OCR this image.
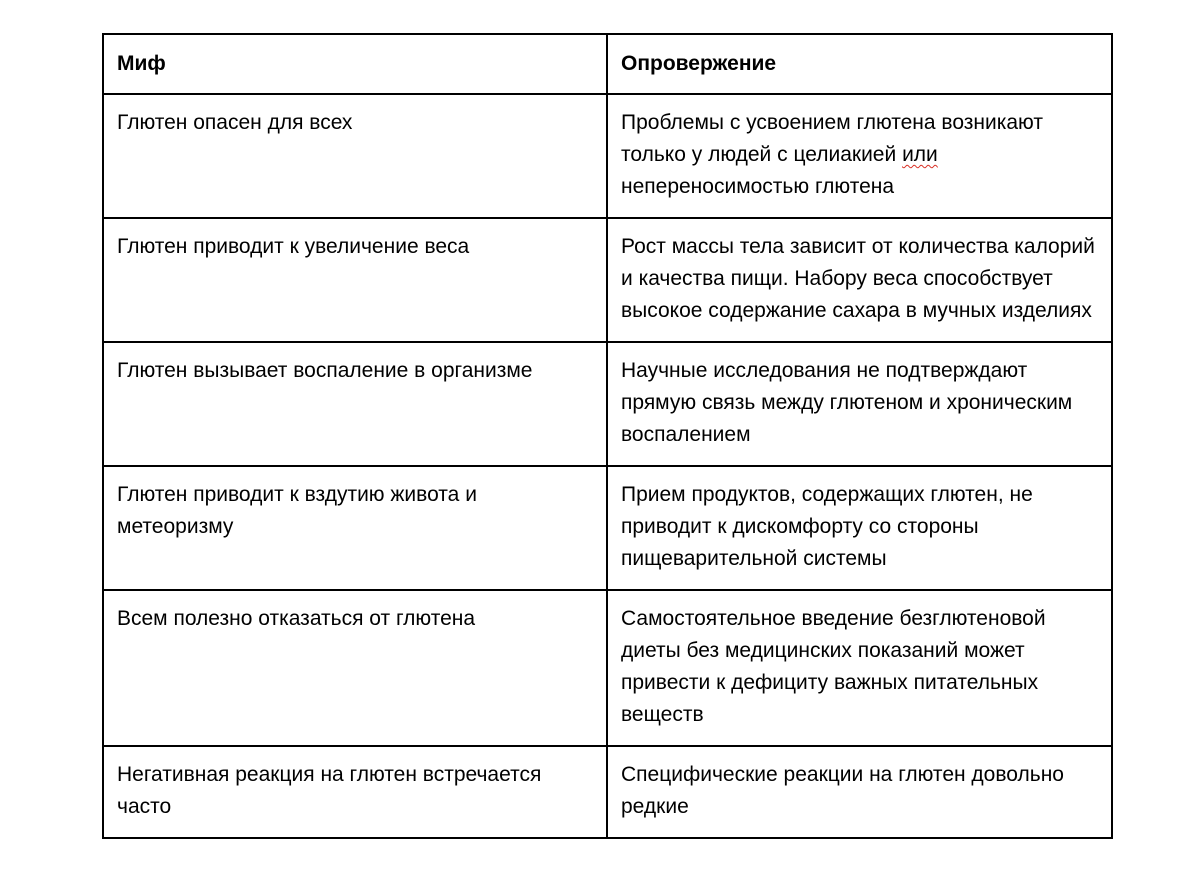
Миф	Опровержение
Глютен опасен для всех	Проблемы с усвоением глютена возникают только у людей с целиакией или непереносимостью глютена
Глютен приводит к увеличение веса	Рост массы тела зависит от количества калорий и качества пищи. Набору веса способствует высокое содержание сахара в мучных изделиях
Глютен вызывает воспаление в организме	Научные исследования не подтверждают прямую связь между глютеном и хроническим воспалением
Глютен приводит к вздутию живота и метеоризму	Прием продуктов, содержащих глютен, не приводит к дискомфорту со стороны пищеварительной системы
Всем полезно отказаться от глютена	Самостоятельное введение безглютеновой диеты без медицинских показаний может привести к дефициту важных питательных веществ
Негативная реакция на глютен встречается часто	Специфические реакции на глютен довольно редкие
